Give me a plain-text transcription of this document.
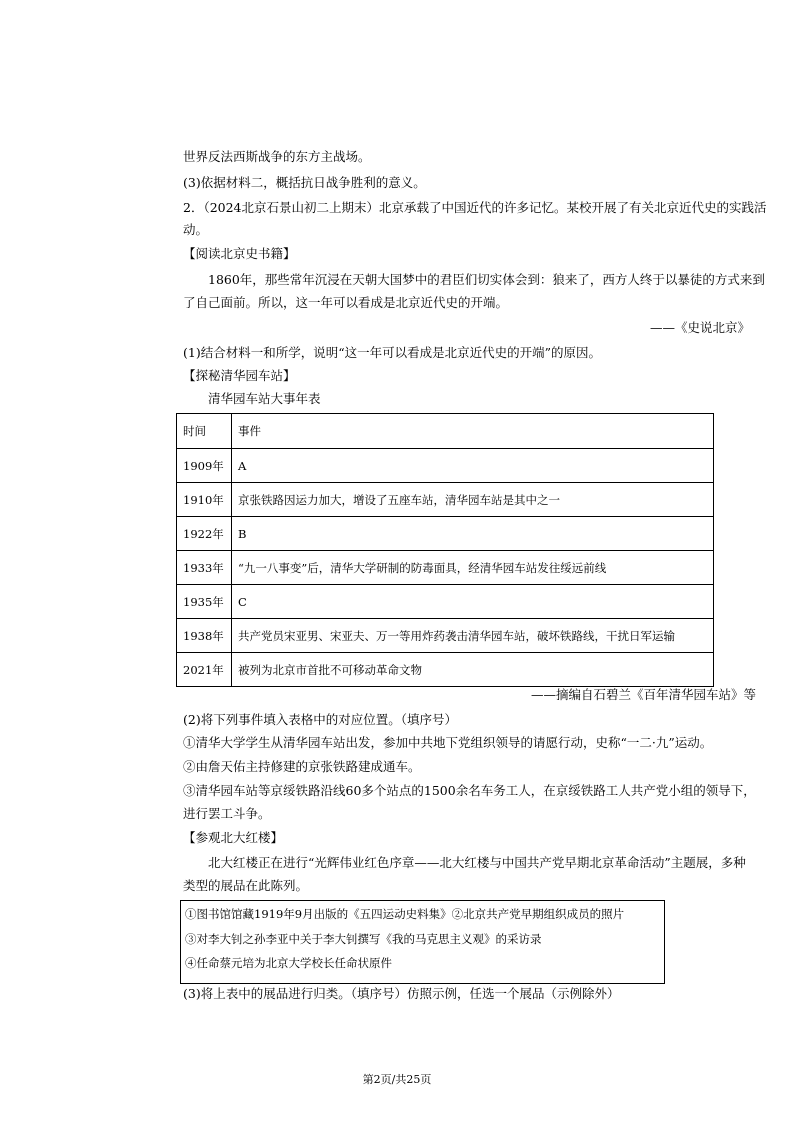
世界反法西斯战争的东方主战场。
(3)依据材料二，概括抗日战争胜利的意义。
2．（2024北京石景山初二上期末）北京承载了中国近代的许多记忆。某校开展了有关北京近代史的实践活
动。
【阅读北京史书籍】
1860年，那些常年沉浸在天朝大国梦中的君臣们切实体会到：狼来了，西方人终于以暴徒的方式来到
了自己面前。所以，这一年可以看成是北京近代史的开端。
——《史说北京》
(1)结合材料一和所学，说明“这一年可以看成是北京近代史的开端”的原因。
【探秘清华园车站】
清华园车站大事年表
时间	事件
1909年	A
1910年	京张铁路因运力加大，增设了五座车站，清华园车站是其中之一
1922年	B
1933年	“九一八事变”后，清华大学研制的防毒面具，经清华园车站发往绥远前线
1935年	C
1938年	共产党员宋亚男、宋亚夫、万一等用炸药袭击清华园车站，破坏铁路线，干扰日军运输
2021年	被列为北京市首批不可移动革命文物
——摘编自石碧兰《百年清华园车站》等
(2)将下列事件填入表格中的对应位置。（填序号）
①清华大学学生从清华园车站出发，参加中共地下党组织领导的请愿行动，史称“一二·九”运动。
②由詹天佑主持修建的京张铁路建成通车。
③清华园车站等京绥铁路沿线60多个站点的1500余名车务工人，在京绥铁路工人共产党小组的领导下，
进行罢工斗争。
【参观北大红楼】
北大红楼正在进行“光辉伟业红色序章——北大红楼与中国共产党早期北京革命活动”主题展，多种
类型的展品在此陈列。
①图书馆馆藏1919年9月出版的《五四运动史料集》②北京共产党早期组织成员的照片
③对李大钊之孙李亚中关于李大钊撰写《我的马克思主义观》的采访录
④任命蔡元培为北京大学校长任命状原件
(3)将上表中的展品进行归类。（填序号）仿照示例，任选一个展品（示例除外）
第2页/共25页
